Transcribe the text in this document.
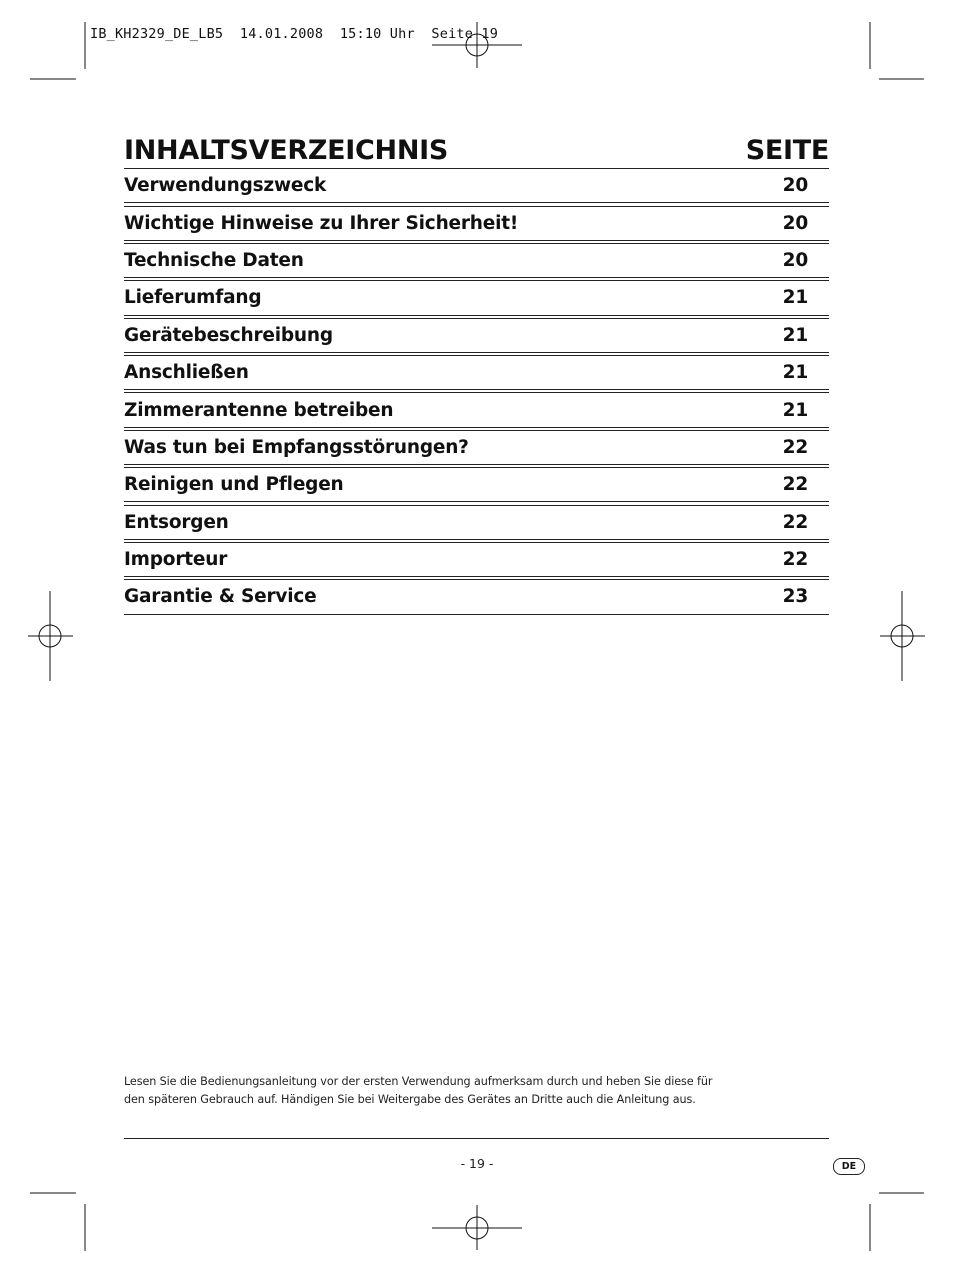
IB_KH2329_DE_LB5  14.01.2008  15:10 Uhr  Seite 19
INHALTSVERZEICHNIS	SEITE
Verwendungszweck	20
Wichtige Hinweise zu Ihrer Sicherheit!	20
Technische Daten	20
Lieferumfang	21
Gerätebeschreibung	21
Anschließen	21
Zimmerantenne betreiben	21
Was tun bei Empfangsstörungen?	22
Reinigen und Pflegen	22
Entsorgen	22
Importeur	22
Garantie & Service	23
Lesen Sie die Bedienungsanleitung vor der ersten Verwendung aufmerksam durch und heben Sie diese für
den späteren Gebrauch auf. Händigen Sie bei Weitergabe des Gerätes an Dritte auch die Anleitung aus.
- 19 -	DE
